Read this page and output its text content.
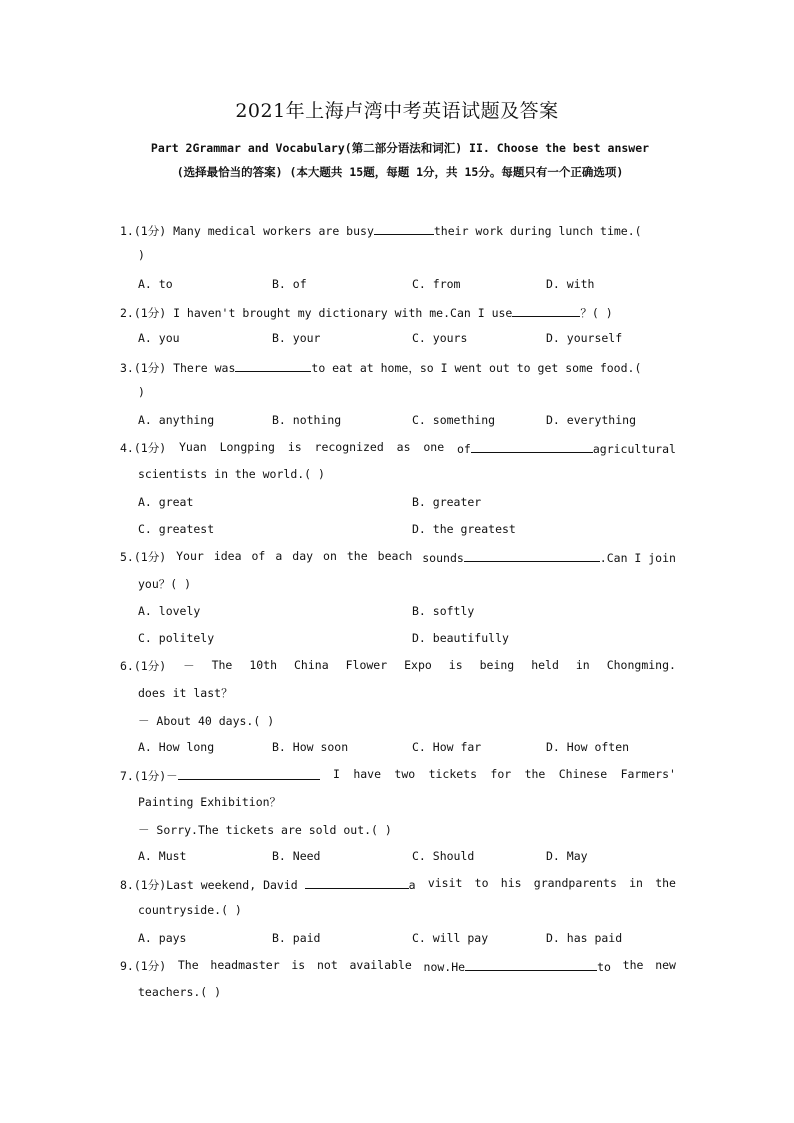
2021年上海卢湾中考英语试题及答案
Part 2Grammar and Vocabulary(第二部分语法和词汇) II. Choose the best answer
(选择最恰当的答案) (本大题共 15题，每题 1分，共 15分。每题只有一个正确选项)
1.(1分) Many medical workers are busy	their work during lunch time.(
)
A. to	B. of	C. from	D. with
2.(1分) I haven't brought my dictionary with me.Can I use	？( )
A. you	B. your	C. yours	D. yourself
3.(1分) There was	to eat at home，so I went out to get some food.(
)
A. anything	B. nothing	C. something	D. everything
4.(1分) Yuan Longping is recognized as one of	agricultural
scientists in the world.( )
A. great	B. greater
C. greatest	D. the greatest
5.(1分) Your idea of a day on the beach sounds	.Can I join
you？( )
A. lovely	B. softly
C. politely	D. beautifully
6.(1分) － The 10th China Flower Expo is being held in Chongming.
does it last？
－ About 40 days.( )
A. How long	B. How soon	C. How far	D. How often
7.(1分)－	I have two tickets for the Chinese Farmers'
Painting Exhibition？
－ Sorry.The tickets are sold out.( )
A. Must	B. Need	C. Should	D. May
8.(1分)Last weekend, David	a visit to his grandparents in the
countryside.( )
A. pays	B. paid	C. will pay	D. has paid
9.(1分) The headmaster is not available now.He	to the new
teachers.( )
